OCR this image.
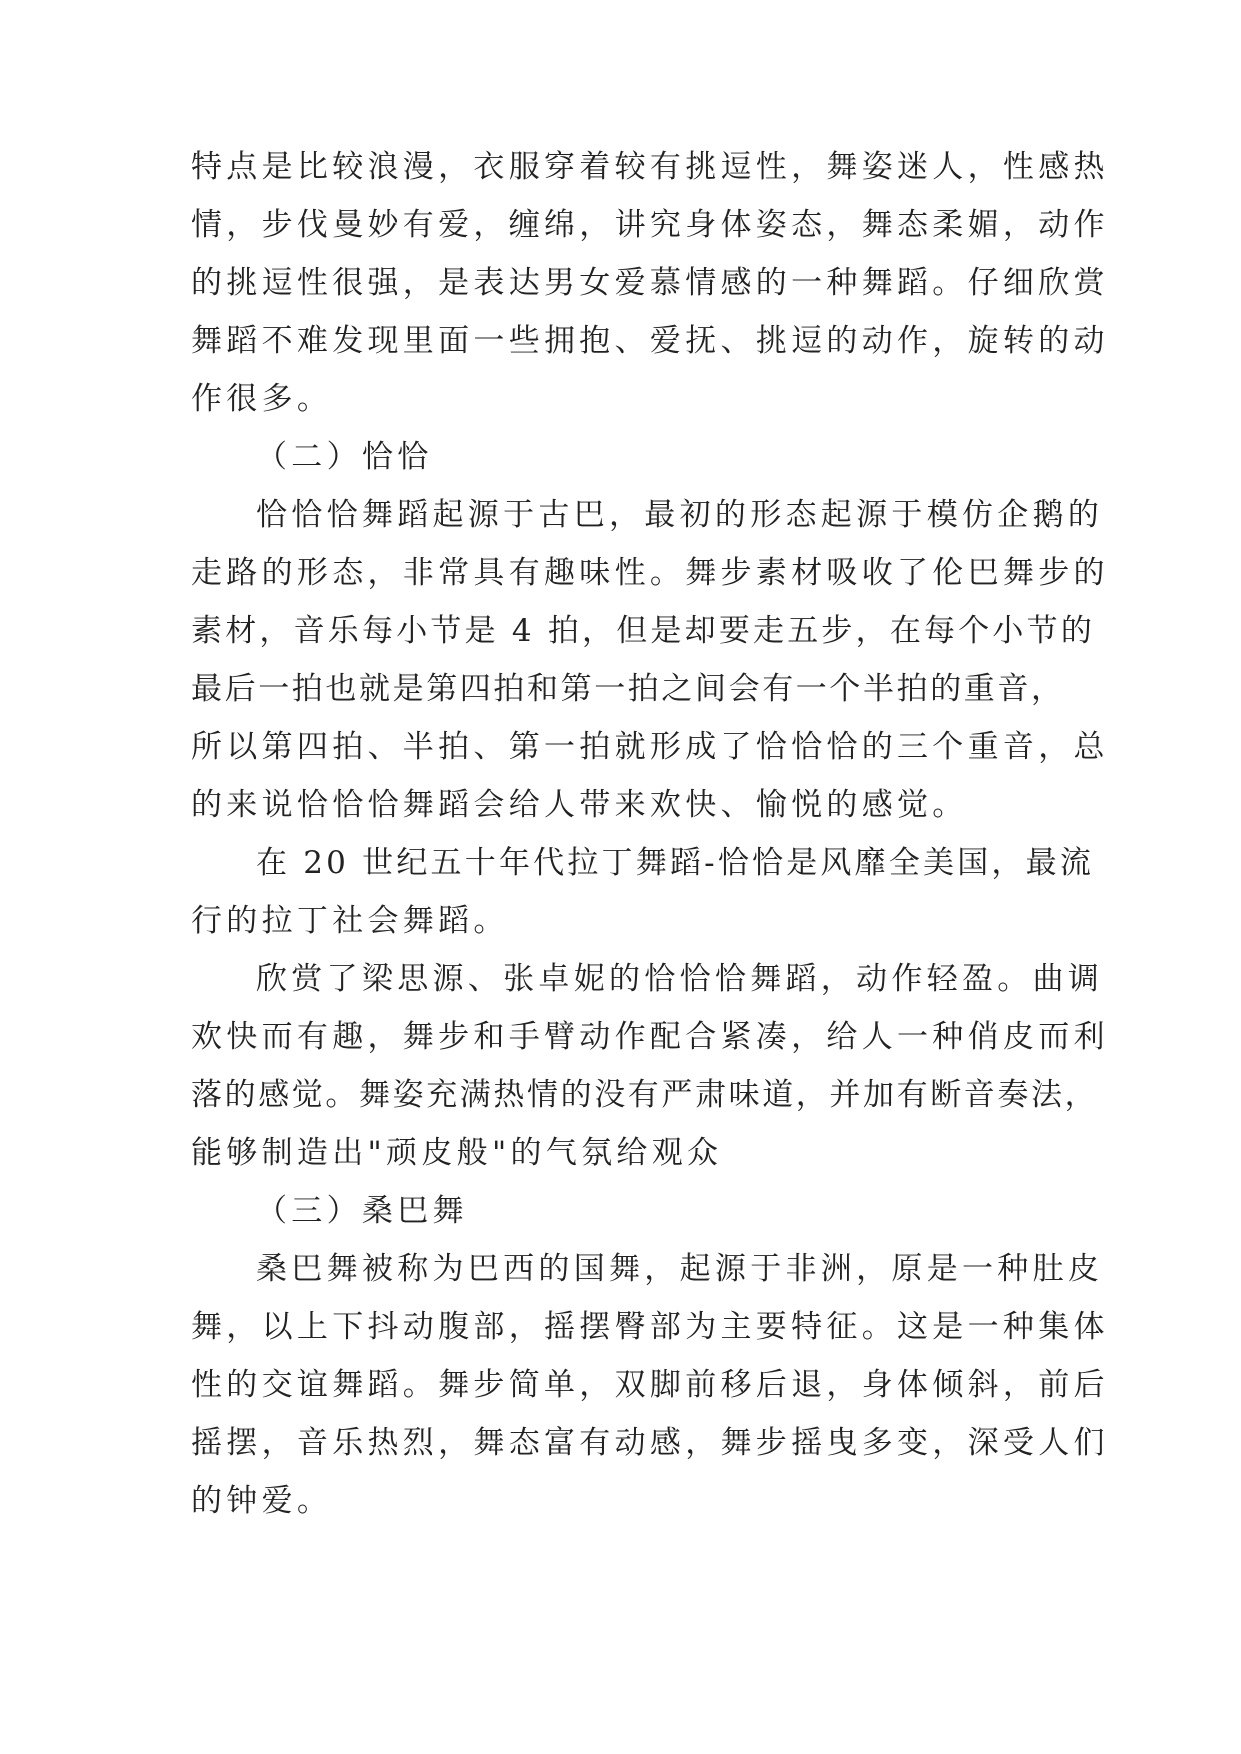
特点是比较浪漫，衣服穿着较有挑逗性，舞姿迷人，性感热
情，步伐曼妙有爱，缠绵，讲究身体姿态，舞态柔媚，动作
的挑逗性很强，是表达男女爱慕情感的一种舞蹈。仔细欣赏
舞蹈不难发现里面一些拥抱、爱抚、挑逗的动作，旋转的动
作很多。
（二）恰恰
恰恰恰舞蹈起源于古巴，最初的形态起源于模仿企鹅的
走路的形态，非常具有趣味性。舞步素材吸收了伦巴舞步的
素材，音乐每小节是 4 拍，但是却要走五步，在每个小节的
最后一拍也就是第四拍和第一拍之间会有一个半拍的重音，
所以第四拍、半拍、第一拍就形成了恰恰恰的三个重音，总
的来说恰恰恰舞蹈会给人带来欢快、愉悦的感觉。
在 20 世纪五十年代拉丁舞蹈-恰恰是风靡全美国，最流
行的拉丁社会舞蹈。
欣赏了梁思源、张卓妮的恰恰恰舞蹈，动作轻盈。曲调
欢快而有趣，舞步和手臂动作配合紧凑，给人一种俏皮而利
落的感觉。舞姿充满热情的没有严肃味道，并加有断音奏法，
能够制造出"顽皮般"的气氛给观众
（三）桑巴舞
桑巴舞被称为巴西的国舞，起源于非洲，原是一种肚皮
舞，以上下抖动腹部，摇摆臀部为主要特征。这是一种集体
性的交谊舞蹈。舞步简单，双脚前移后退，身体倾斜，前后
摇摆，音乐热烈，舞态富有动感，舞步摇曳多变，深受人们
的钟爱。
